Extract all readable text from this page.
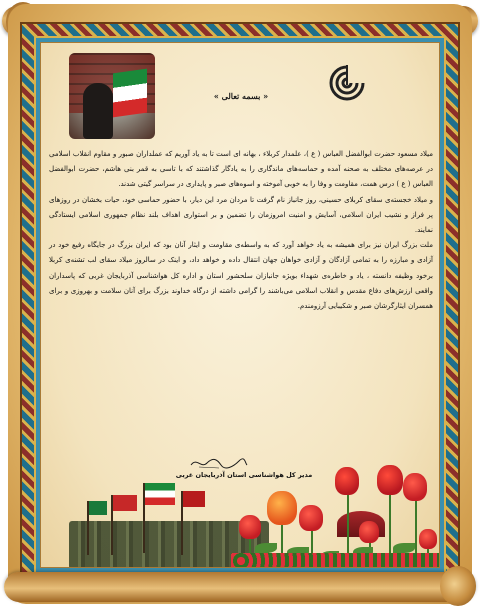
« بسمه تعالی »

میلاد مسعود حضرت ابوالفضل العباس ( ع )، علمدار کربلاء ، بهانه ای است تا به یاد آوریم که عملداران صبور و مقاوم انقلاب اسلامی در عرصه‌های مختلف به صحنه آمده و حماسه‌های ماندگاری را به یادگار گذاشتند که با تاسی به قمر بنی هاشم، حضرت ابوالفضل العباس ( ع ) درس همت، مقاومت و وفا را به خوبی آموخته و اسوه‌های صبر و پایداری در سراسر گیتی شدند.

و میلاد خجسته‌ی سقای کربلای حسینی، روز جانباز نام گرفت تا مردان مرد این دیار، با حضور حماسی خود، حیات بخشان در روزهای پر فراز و نشیب ایران اسلامی، آسایش و امنیت امروزمان را تضمین و بر استواری اهداف بلند نظام جمهوری اسلامی ایستادگی نمایند.

ملت بزرگ ایران نیز برای همیشه به یاد خواهد آورد که به واسطه‌ی مقاومت و ایثار آنان بود که ایران بزرگ در جایگاه رفیع خود در آزادی و مبارزه را به تمامی آزادگان و آزادی خواهان جهان انتقال داده و خواهد داد، و اینک در سالروز میلاد سقای لب تشنه‌ی کربلا برخود وظیفه دانسته ، یاد و خاطره‌ی شهداء بویژه جانبازان سلحشور استان و اداره کل هواشناسی آذربایجان غربی که پاسداران واقعی ارزش‌های دفاع مقدس و انقلاب اسلامی می‌باشند را گرامی داشته از درگاه خداوند بزرگ برای آنان سلامت و بهروزی و برای همسران ایثارگرشان صبر و شکیبایی آرزومندم.

مدیر کل هواشناسی استان آذربایجان غربی
